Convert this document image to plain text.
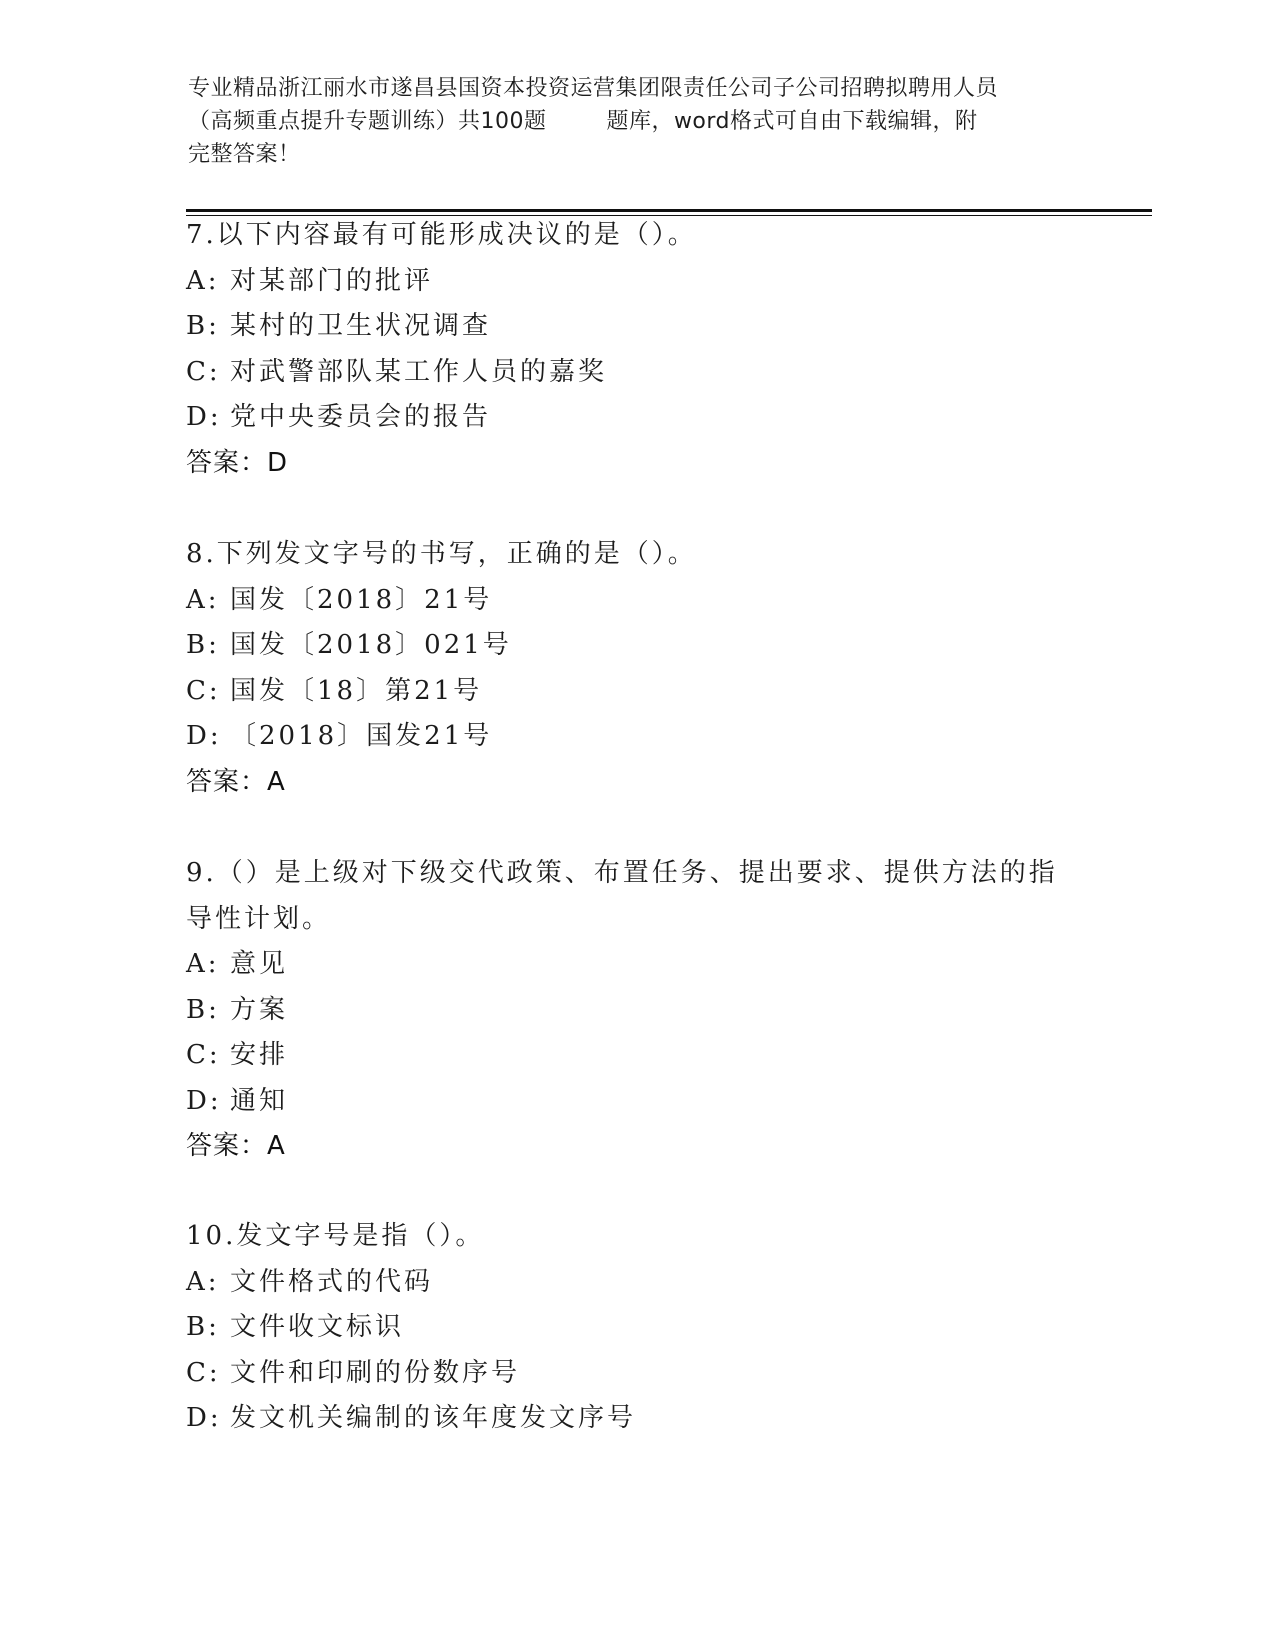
专业精品浙江丽水市遂昌县国资本投资运营集团限责任公司子公司招聘拟聘用人员
（高频重点提升专题训练）共100题        题库，word格式可自由下载编辑，附
完整答案！
7.以下内容最有可能形成决议的是（）。
A: 对某部门的批评
B: 某村的卫生状况调查
C: 对武警部队某工作人员的嘉奖
D: 党中央委员会的报告
答案：D
8.下列发文字号的书写，正确的是（）。
A: 国发〔2018〕21号
B: 国发〔2018〕021号
C: 国发〔18〕第21号
D: 〔2018〕国发21号
答案：A
9.（）是上级对下级交代政策、布置任务、提出要求、提供方法的指
导性计划。
A: 意见
B: 方案
C: 安排
D: 通知
答案：A
10.发文字号是指（）。
A: 文件格式的代码
B: 文件收文标识
C: 文件和印刷的份数序号
D: 发文机关编制的该年度发文序号
